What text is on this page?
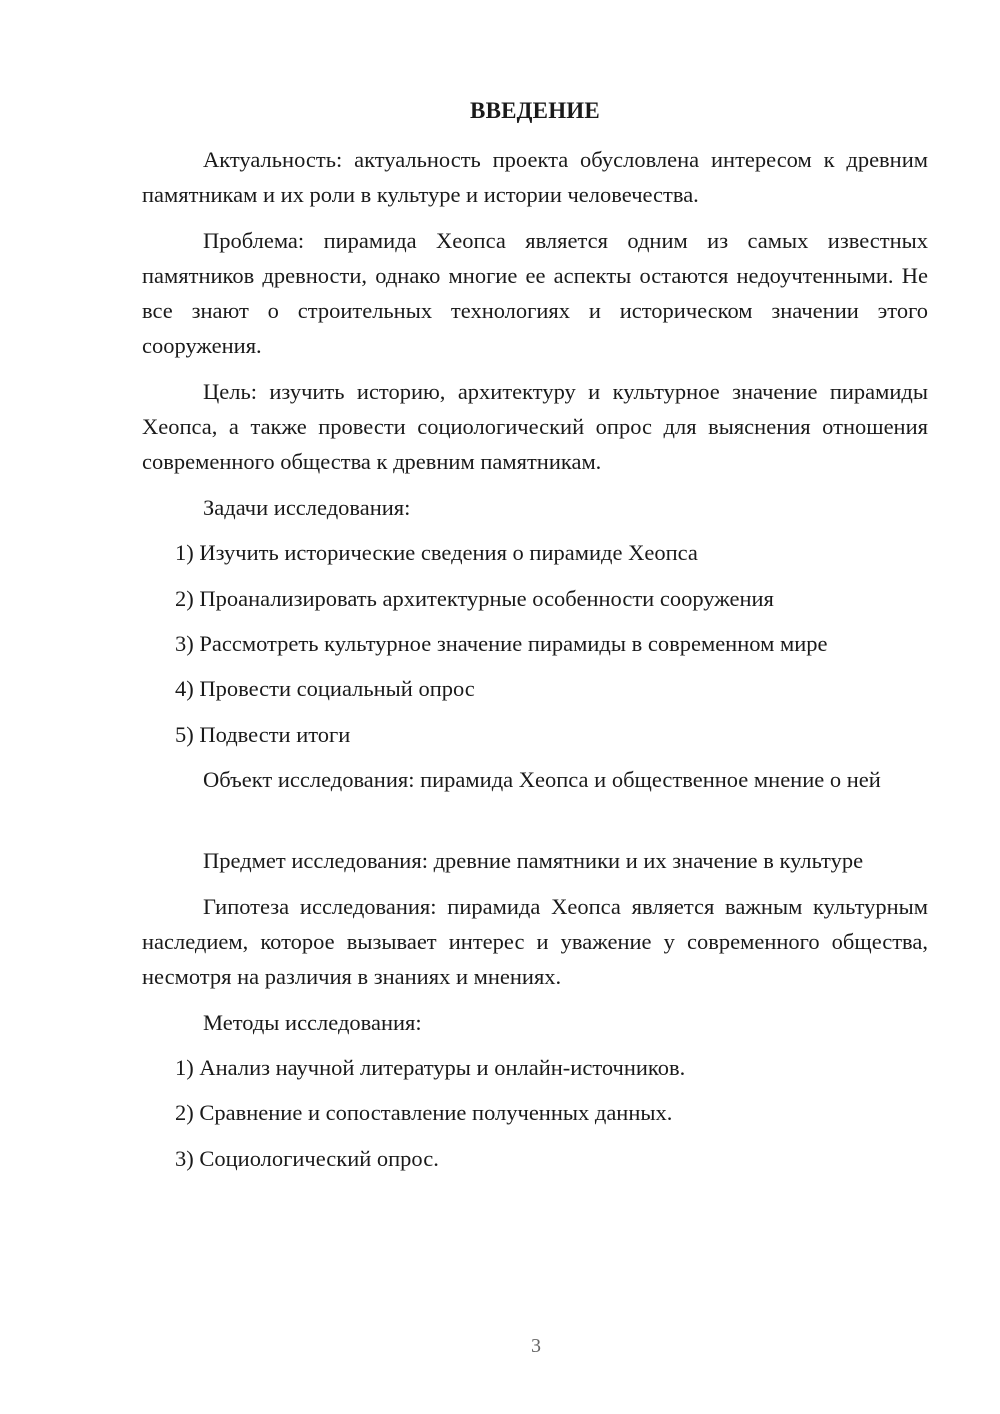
ВВЕДЕНИЕ

Актуальность: актуальность проекта обусловлена интересом к древним памятникам и их роли в культуре и истории человечества.

Проблема: пирамида Хеопса является одним из самых известных памятников древности, однако многие ее аспекты остаются недоучтенными. Не все знают о строительных технологиях и историческом значении этого сооружения.

Цель: изучить историю, архитектуру и культурное значение пирамиды Хеопса, а также провести социологический опрос для выяснения отношения современного общества к древним памятникам.

Задачи исследования:

1) Изучить исторические сведения о пирамиде Хеопса

2) Проанализировать архитектурные особенности сооружения

3) Рассмотреть культурное значение пирамиды в современном мире

4) Провести социальный опрос

5) Подвести итоги

Объект исследования: пирамида Хеопса и общественное мнение о ней

Предмет исследования: древние памятники и их значение в культуре

Гипотеза исследования: пирамида Хеопса является важным культурным наследием, которое вызывает интерес и уважение у современного общества, несмотря на различия в знаниях и мнениях.

Методы исследования:

1) Анализ научной литературы и онлайн-источников.

2) Сравнение и сопоставление полученных данных.

3) Социологический опрос.

3
